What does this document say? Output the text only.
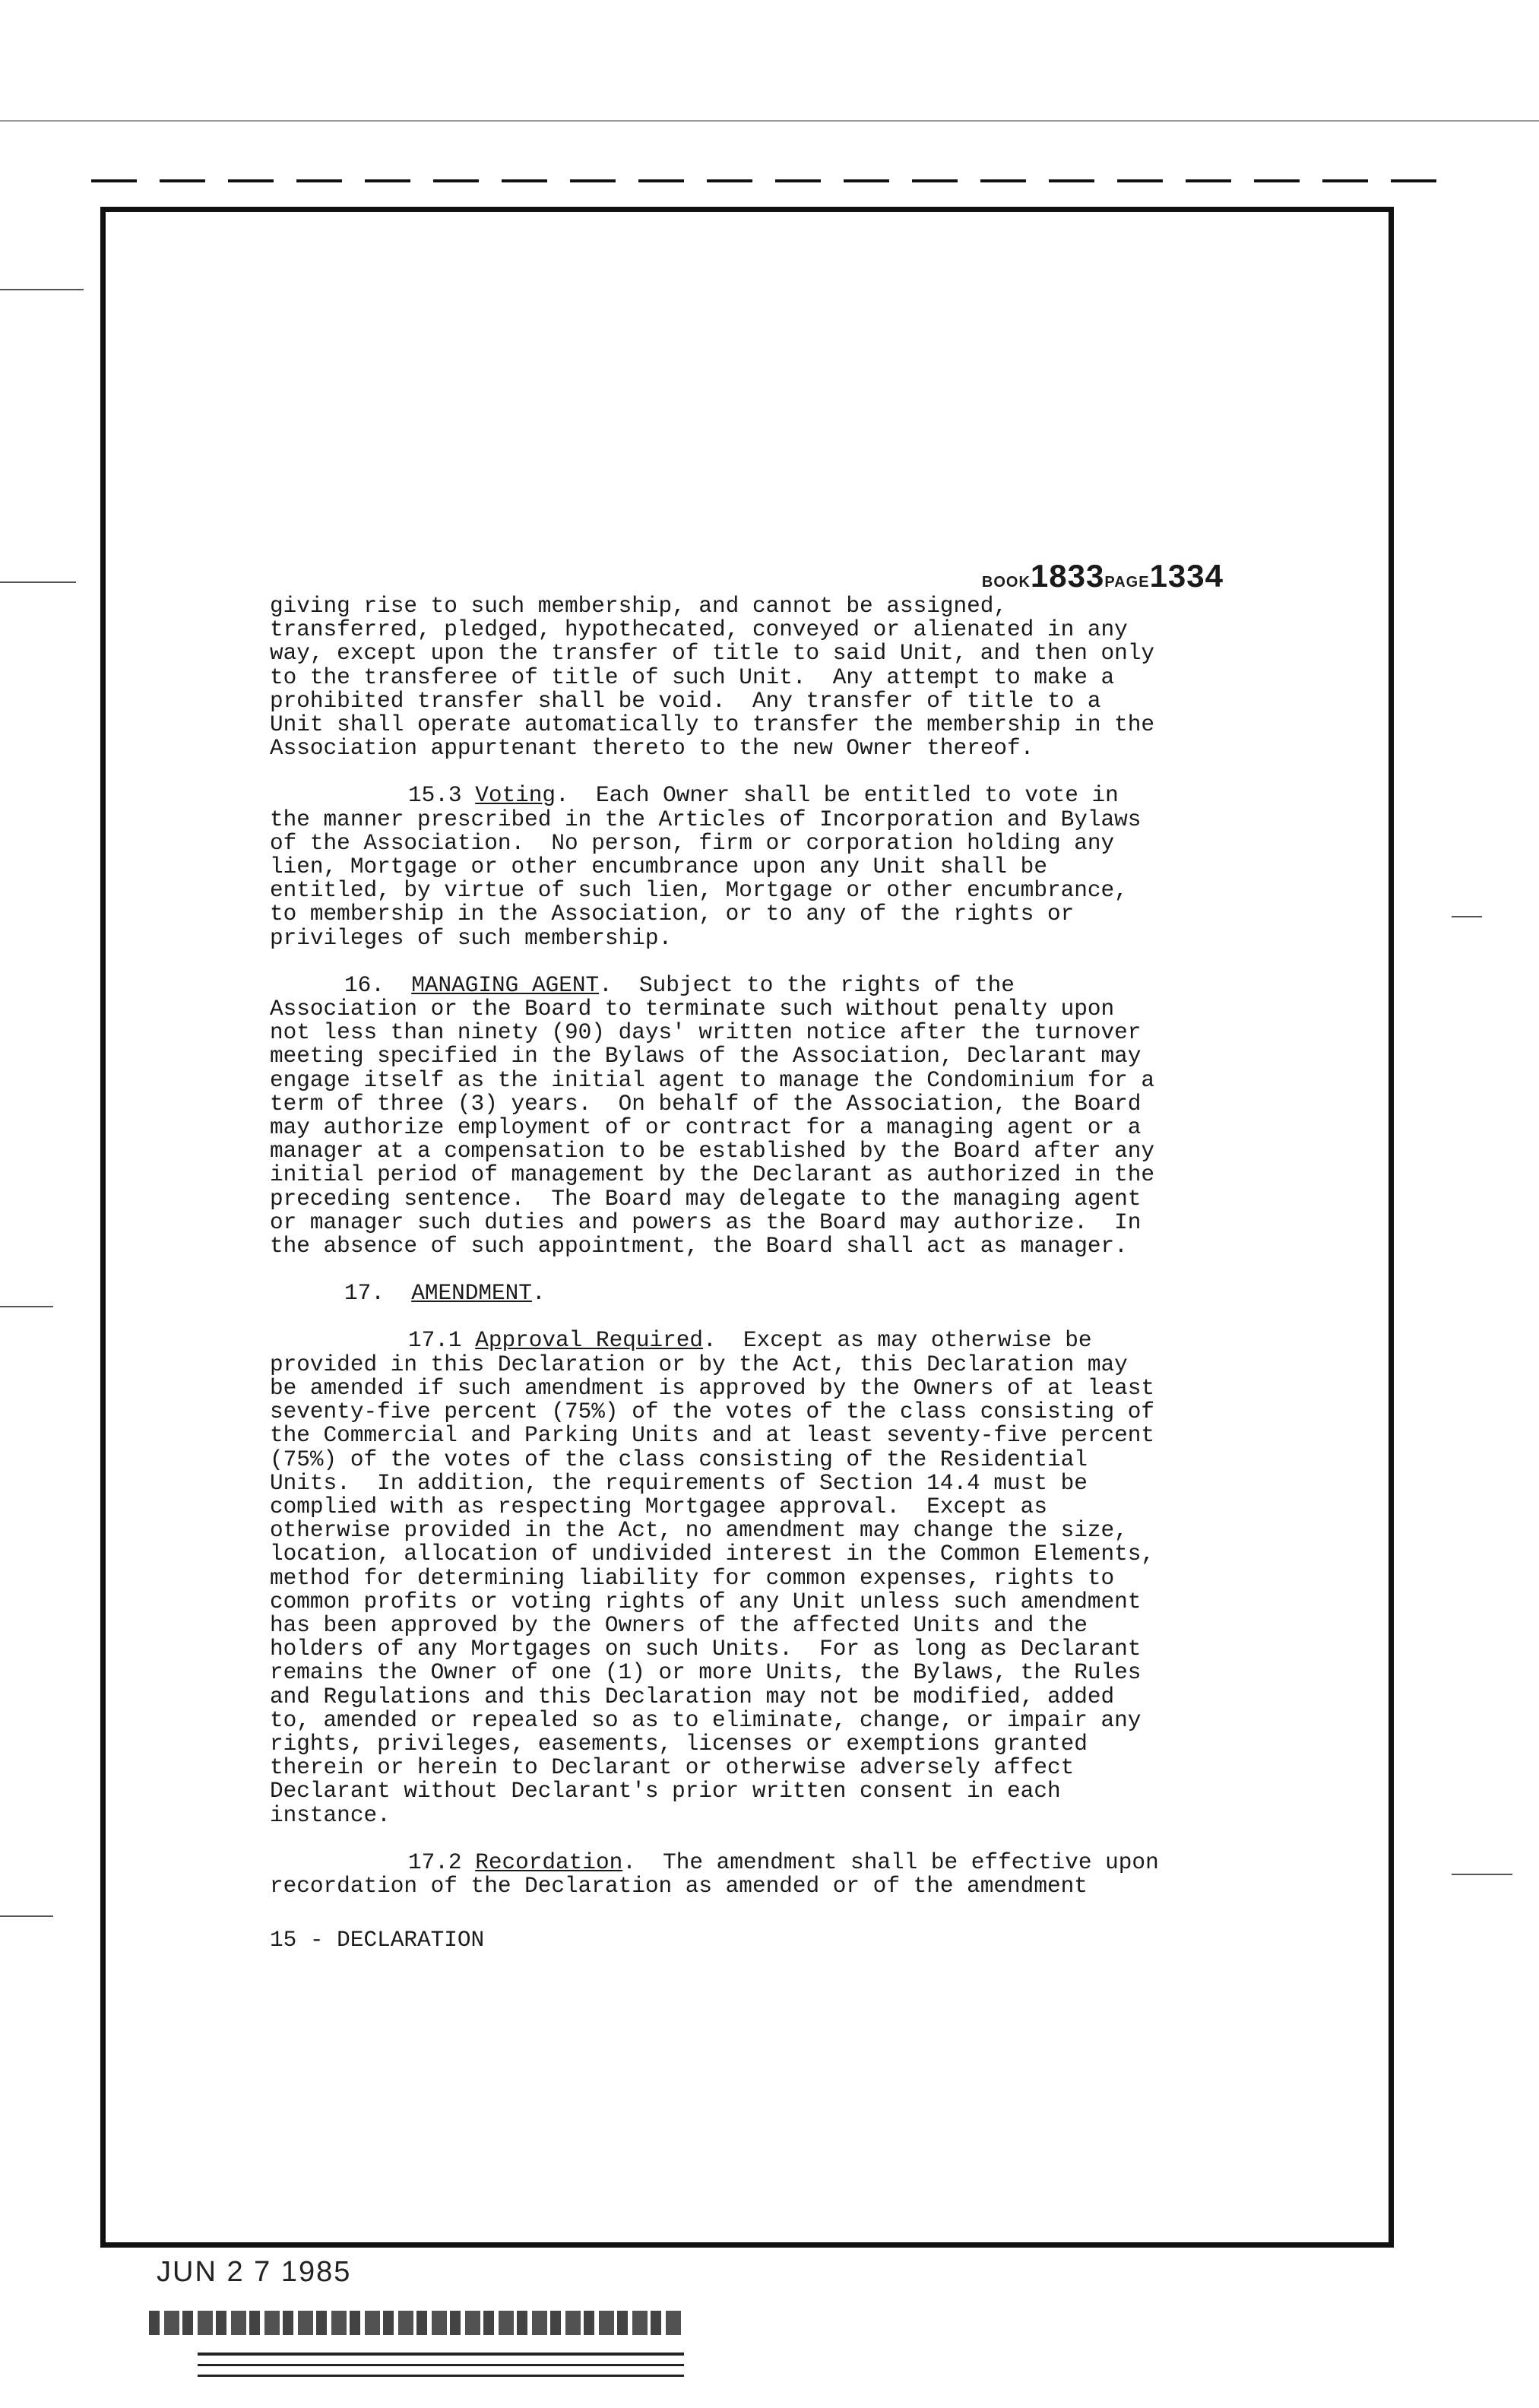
BOOK1833PAGE1334

giving rise to such membership, and cannot be assigned,
transferred, pledged, hypothecated, conveyed or alienated in any
way, except upon the transfer of title to said Unit, and then only
to the transferee of title of such Unit.  Any attempt to make a
prohibited transfer shall be void.  Any transfer of title to a
Unit shall operate automatically to transfer the membership in the
Association appurtenant thereto to the new Owner thereof.

15.3 Voting.  Each Owner shall be entitled to vote in
the manner prescribed in the Articles of Incorporation and Bylaws
of the Association.  No person, firm or corporation holding any
lien, Mortgage or other encumbrance upon any Unit shall be
entitled, by virtue of such lien, Mortgage or other encumbrance,
to membership in the Association, or to any of the rights or
privileges of such membership.

16. MANAGING AGENT.  Subject to the rights of the
Association or the Board to terminate such without penalty upon
not less than ninety (90) days' written notice after the turnover
meeting specified in the Bylaws of the Association, Declarant may
engage itself as the initial agent to manage the Condominium for a
term of three (3) years.  On behalf of the Association, the Board
may authorize employment of or contract for a managing agent or a
manager at a compensation to be established by the Board after any
initial period of management by the Declarant as authorized in the
preceding sentence.  The Board may delegate to the managing agent
or manager such duties and powers as the Board may authorize.  In
the absence of such appointment, the Board shall act as manager.

17. AMENDMENT.

17.1 Approval Required.  Except as may otherwise be
provided in this Declaration or by the Act, this Declaration may
be amended if such amendment is approved by the Owners of at least
seventy-five percent (75%) of the votes of the class consisting of
the Commercial and Parking Units and at least seventy-five percent
(75%) of the votes of the class consisting of the Residential
Units.  In addition, the requirements of Section 14.4 must be
complied with as respecting Mortgagee approval.  Except as
otherwise provided in the Act, no amendment may change the size,
location, allocation of undivided interest in the Common Elements,
method for determining liability for common expenses, rights to
common profits or voting rights of any Unit unless such amendment
has been approved by the Owners of the affected Units and the
holders of any Mortgages on such Units.  For as long as Declarant
remains the Owner of one (1) or more Units, the Bylaws, the Rules
and Regulations and this Declaration may not be modified, added
to, amended or repealed so as to eliminate, change, or impair any
rights, privileges, easements, licenses or exemptions granted
therein or herein to Declarant or otherwise adversely affect
Declarant without Declarant's prior written consent in each
instance.

17.2 Recordation.  The amendment shall be effective upon
recordation of the Declaration as amended or of the amendment

15 - DECLARATION
JUN 2 7 1985
